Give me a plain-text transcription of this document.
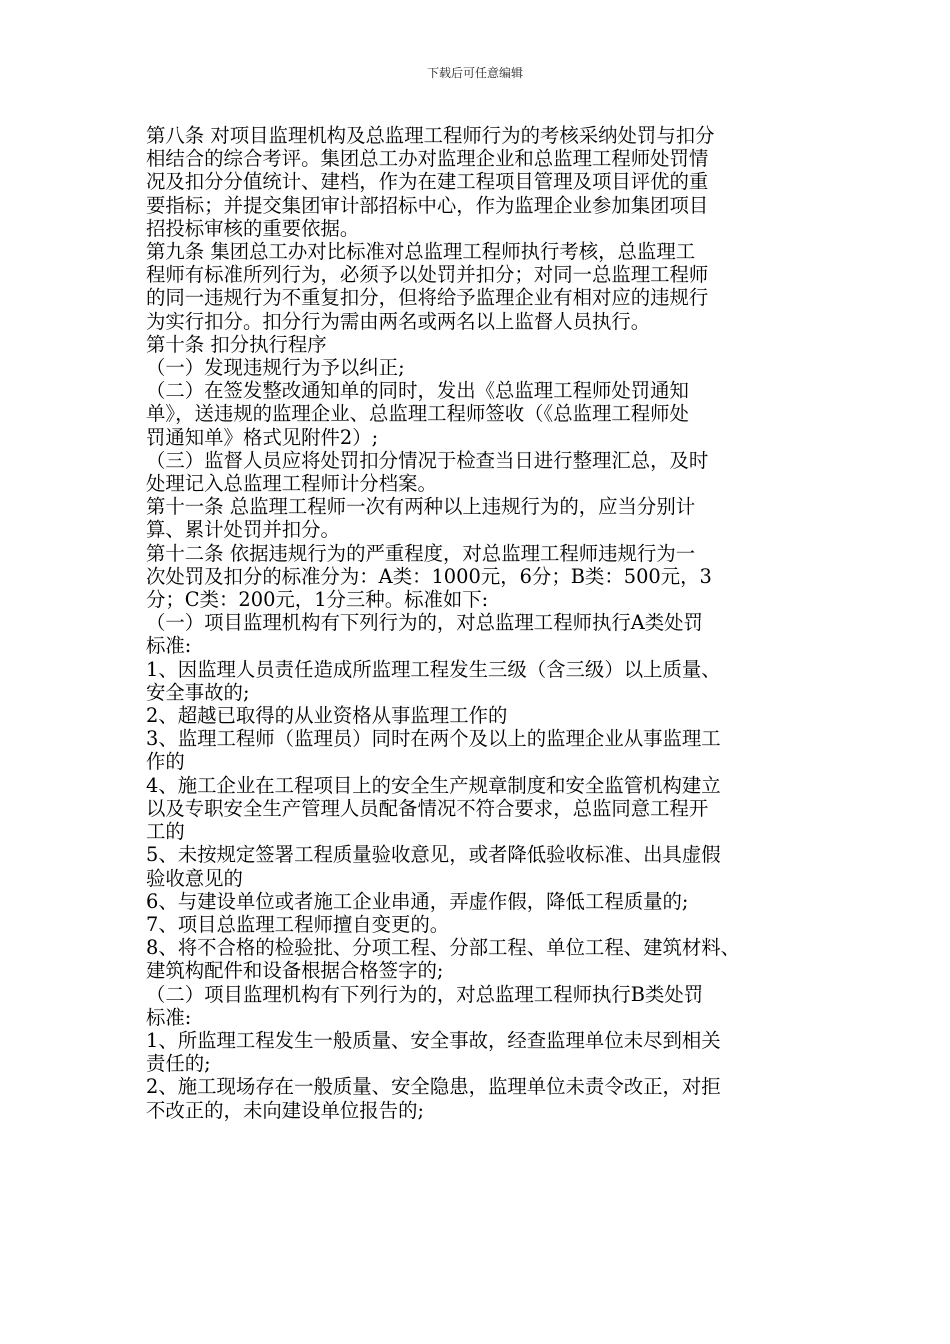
下载后可任意编辑

第八条 对项目监理机构及总监理工程师行为的考核采纳处罚与扣分
相结合的综合考评。集团总工办对监理企业和总监理工程师处罚情
况及扣分分值统计、建档，作为在建工程项目管理及项目评优的重
要指标；并提交集团审计部招标中心，作为监理企业参加集团项目
招投标审核的重要依据。
第九条 集团总工办对比标准对总监理工程师执行考核，总监理工
程师有标准所列行为，必须予以处罚并扣分；对同一总监理工程师
的同一违规行为不重复扣分，但将给予监理企业有相对应的违规行
为实行扣分。扣分行为需由两名或两名以上监督人员执行。
第十条 扣分执行程序
（一）发现违规行为予以纠正;
（二）在签发整改通知单的同时，发出《总监理工程师处罚通知
单》，送违规的监理企业、总监理工程师签收（《总监理工程师处
罚通知单》格式见附件2）;
（三）监督人员应将处罚扣分情况于检查当日进行整理汇总，及时
处理记入总监理工程师计分档案。
第十一条 总监理工程师一次有两种以上违规行为的，应当分别计
算、累计处罚并扣分。
第十二条 依据违规行为的严重程度，对总监理工程师违规行为一
次处罚及扣分的标准分为：A类：1000元，6分；B类：500元，3
分；C类：200元，1分三种。标准如下:
（一）项目监理机构有下列行为的，对总监理工程师执行A类处罚
标准:
1、因监理人员责任造成所监理工程发生三级（含三级）以上质量、
安全事故的;
2、超越已取得的从业资格从事监理工作的
3、监理工程师（监理员）同时在两个及以上的监理企业从事监理工
作的
4、施工企业在工程项目上的安全生产规章制度和安全监管机构建立
以及专职安全生产管理人员配备情况不符合要求，总监同意工程开
工的
5、未按规定签署工程质量验收意见，或者降低验收标准、出具虚假
验收意见的
6、与建设单位或者施工企业串通，弄虚作假，降低工程质量的;
7、项目总监理工程师擅自变更的。
8、将不合格的检验批、分项工程、分部工程、单位工程、建筑材料、
建筑构配件和设备根据合格签字的;
（二）项目监理机构有下列行为的，对总监理工程师执行B类处罚
标准:
1、所监理工程发生一般质量、安全事故，经查监理单位未尽到相关
责任的;
2、施工现场存在一般质量、安全隐患，监理单位未责令改正，对拒
不改正的，未向建设单位报告的;
